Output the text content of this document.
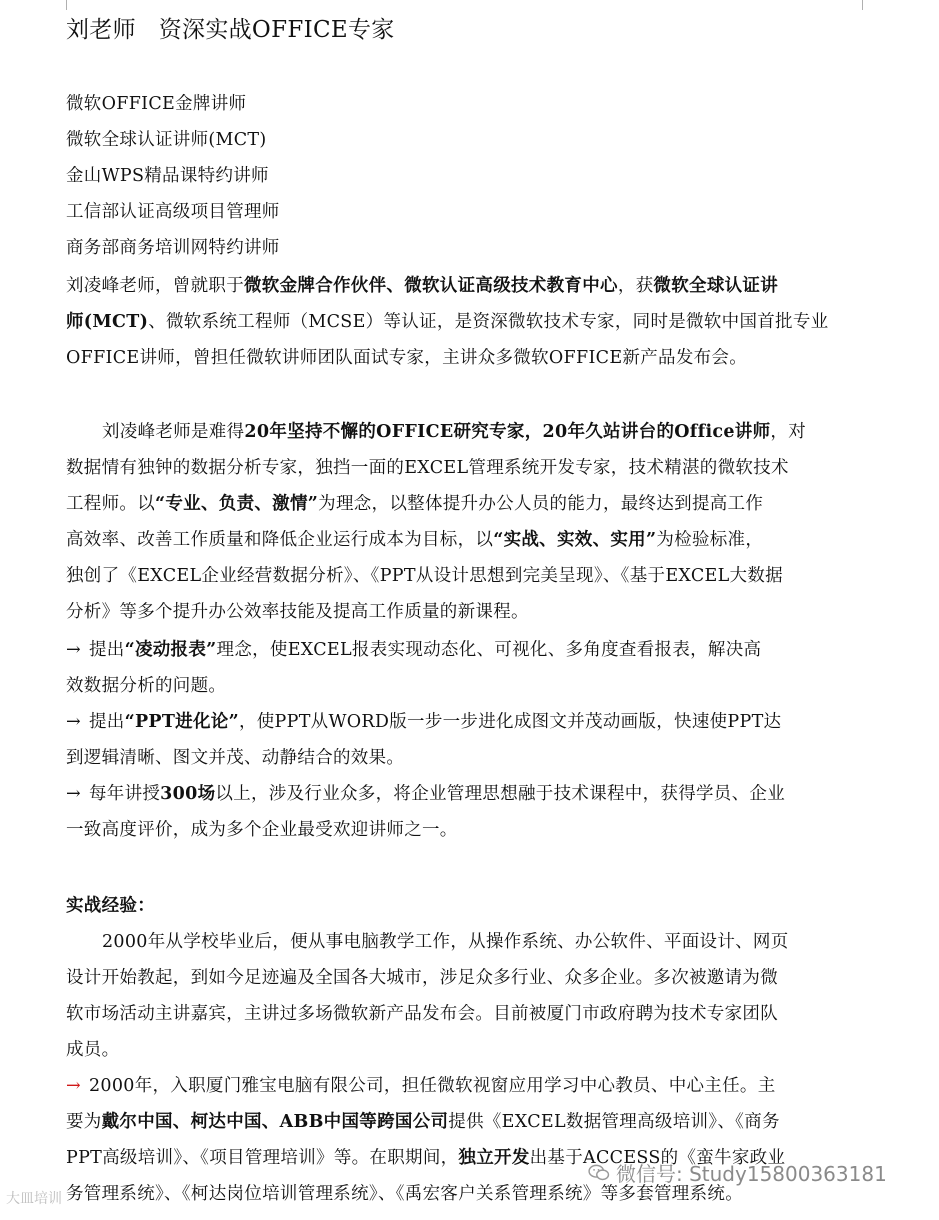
刘老师   资深实战OFFICE专家
微软OFFICE金牌讲师
微软全球认证讲师(MCT)
金山WPS精品课特约讲师
工信部认证高级项目管理师
商务部商务培训网特约讲师
刘凌峰老师，曾就职于微软金牌合作伙伴、微软认证高级技术教育中心，获微软全球认证讲
师(MCT)、微软系统工程师（MCSE）等认证，是资深微软技术专家，同时是微软中国首批专业
OFFICE讲师，曾担任微软讲师团队面试专家，主讲众多微软OFFICE新产品发布会。
刘凌峰老师是难得20年坚持不懈的OFFICE研究专家，20年久站讲台的Office讲师，对
数据情有独钟的数据分析专家，独挡一面的EXCEL管理系统开发专家，技术精湛的微软技术
工程师。以“专业、负责、激情”为理念，以整体提升办公人员的能力，最终达到提高工作
高效率、改善工作质量和降低企业运行成本为目标，以“实战、实效、实用”为检验标准，
独创了《EXCEL企业经营数据分析》、《PPT从设计思想到完美呈现》、《基于EXCEL大数据
分析》等多个提升办公效率技能及提高工作质量的新课程。
→ 提出“凌动报表”理念，使EXCEL报表实现动态化、可视化、多角度查看报表，解决高
效数据分析的问题。
→ 提出“PPT进化论”，使PPT从WORD版一步一步进化成图文并茂动画版，快速使PPT达
到逻辑清晰、图文并茂、动静结合的效果。
→ 每年讲授300场以上，涉及行业众多，将企业管理思想融于技术课程中，获得学员、企业
一致高度评价，成为多个企业最受欢迎讲师之一。
实战经验：
2000年从学校毕业后，便从事电脑教学工作，从操作系统、办公软件、平面设计、网页
设计开始教起，到如今足迹遍及全国各大城市，涉足众多行业、众多企业。多次被邀请为微
软市场活动主讲嘉宾，主讲过多场微软新产品发布会。目前被厦门市政府聘为技术专家团队
成员。
→ 2000年，入职厦门雅宝电脑有限公司，担任微软视窗应用学习中心教员、中心主任。主
要为戴尔中国、柯达中国、ABB中国等跨国公司提供《EXCEL数据管理高级培训》、《商务
PPT高级培训》、《项目管理培训》等。在职期间，独立开发出基于ACCESS的《蛮牛家政业
务管理系统》、《柯达岗位培训管理系统》、《禹宏客户关系管理系统》等多套管理系统。
微信号: Study15800363181
大皿培训
